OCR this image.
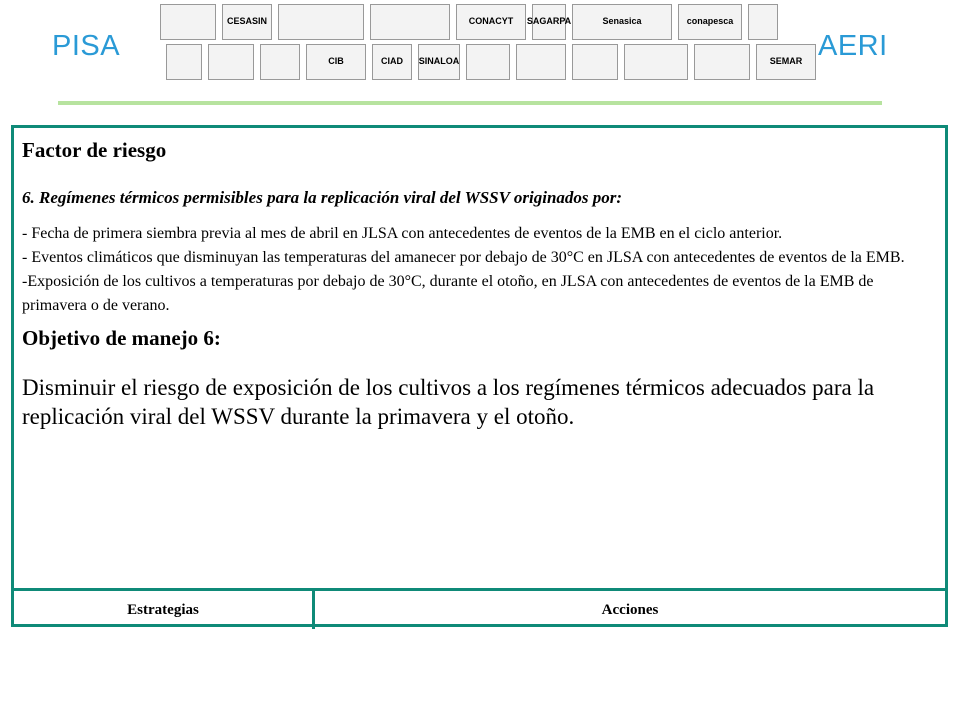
PISA	AERI
CESASIN	CONACYT SAGARPA	Senasica	conapesca
CIB	CIAD SINALOA	SEMAR
Factor de riesgo
6. Regímenes térmicos permisibles para la replicación viral del WSSV originados por:
- Fecha de primera siembra previa al mes de abril en JLSA con antecedentes de eventos de la EMB en el ciclo anterior.
- Eventos climáticos que disminuyan las temperaturas del amanecer por debajo de 30°C en JLSA con antecedentes de eventos de la EMB.
-Exposición de los cultivos a temperaturas por debajo de 30°C, durante el otoño, en JLSA con antecedentes de eventos de la EMB de primavera o de verano.
Objetivo de manejo 6:
Disminuir el riesgo de exposición de los cultivos a los regímenes térmicos adecuados para la replicación viral del WSSV durante la primavera y el otoño.
Estrategias	Acciones
